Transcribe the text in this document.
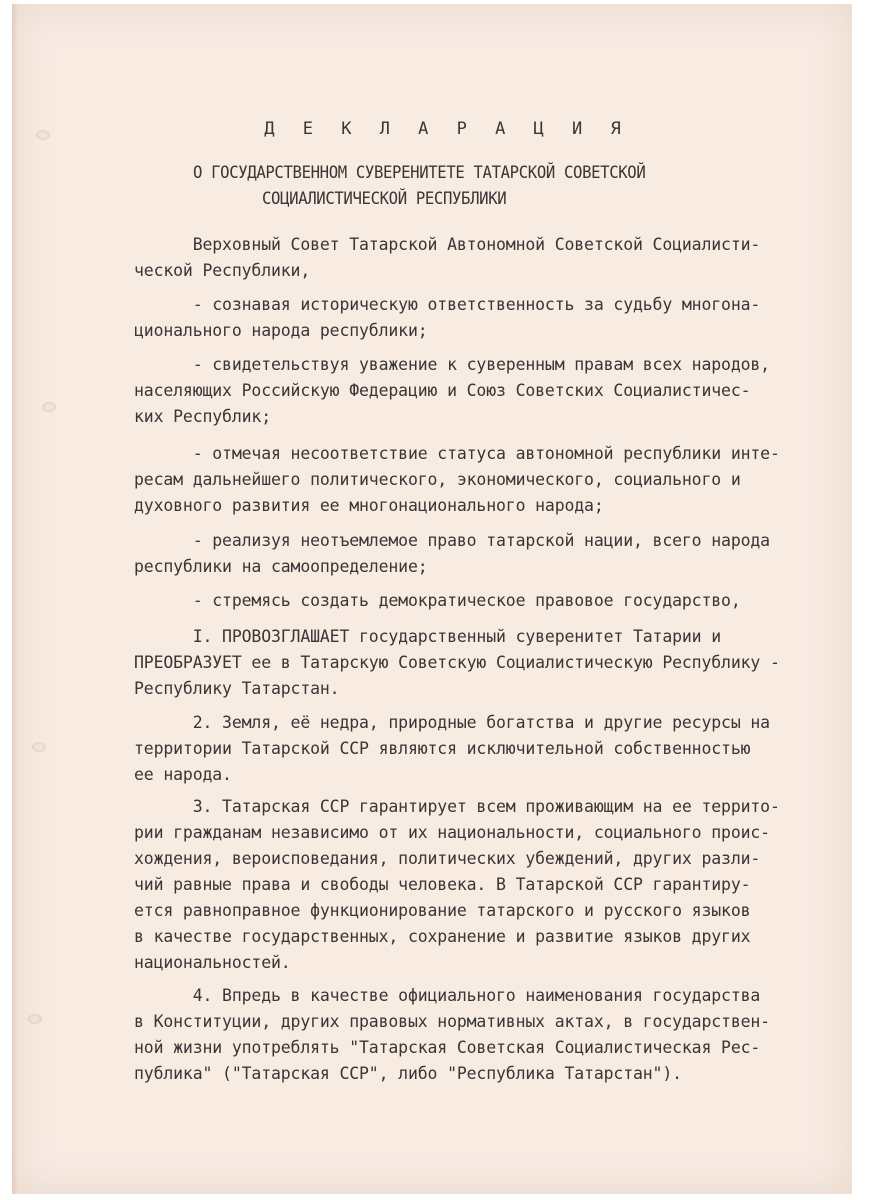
Д Е К Л А Р А Ц И Я
О ГОСУДАРСТВЕННОМ СУВЕРЕНИТЕТЕ ТАТАРСКОЙ СОВЕТСКОЙ
СОЦИАЛИСТИЧЕСКОЙ РЕСПУБЛИКИ
Верховный Совет Татарской Автономной Советской Социалисти-
ческой Республики,
- сознавая историческую ответственность за судьбу многона-
ционального народа республики;
- свидетельствуя уважение к суверенным правам всех народов,
населяющих Российскую Федерацию и Союз Советских Социалистичес-
ких Республик;
- отмечая несоответствие статуса автономной республики инте-
ресам дальнейшего политического, экономического, социального и
духовного развития ее многонационального народа;
- реализуя неотъемлемое право татарской нации, всего народа
республики на самоопределение;
- стремясь создать демократическое правовое государство,
I. ПРОВОЗГЛАШАЕТ государственный суверенитет Татарии и
ПРЕОБРАЗУЕТ ее в Татарскую Советскую Социалистическую Республику -
Республику Татарстан.
2. Земля, её недра, природные богатства и другие ресурсы на
территории Татарской ССР являются исключительной собственностью
ее народа.
3. Татарская ССР гарантирует всем проживающим на ее террито-
рии гражданам независимо от их национальности, социального проис-
хождения, вероисповедания, политических убеждений, других разли-
чий равные права и свободы человека. В Татарской ССР гарантиру-
ется равноправное функционирование татарского и русского языков
в качестве государственных, сохранение и развитие языков других
национальностей.
4. Впредь в качестве официального наименования государства
в Конституции, других правовых нормативных актах, в государствен-
ной жизни употреблять "Татарская Советская Социалистическая Рес-
публика" ("Татарская ССР", либо "Республика Татарстан").
